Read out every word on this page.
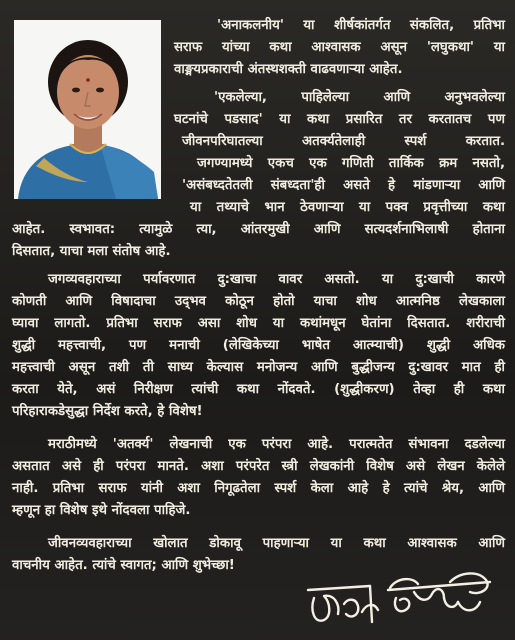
'अनाकलनीय' या शीर्षकांतर्गत संकलित, प्रतिभा
सराफ यांच्या कथा आश्वासक असून 'लघुकथा' या
वाङ्मयप्रकाराची अंतस्थशक्ती वाढवणाऱ्या आहेत.

'एकलेल्या, पाहिलेल्या आणि अनुभवलेल्या
घटनांचे पडसाद' या कथा प्रसारित तर करतातच पण
जीवनपरिघातल्या अतर्क्यतेलाही स्पर्श करतात.
जगण्यामध्ये एकच एक गणिती तार्किक क्रम नसतो,
'असंबध्दतेतली संबध्दता'ही असते हे मांडणाऱ्या आणि
या तथ्याचे भान ठेवणाऱ्या या पक्व प्रवृत्तीच्या कथा
आहेत. स्वभावत: त्यामुळे त्या, आंतरमुखी आणि सत्यदर्शनाभिलाषी होताना
दिसतात, याचा मला संतोष आहे.

जगव्यवहाराच्या पर्यावरणात दु:खाचा वावर असतो. या दु:खाची कारणे
कोणती आणि विषादाचा उद्‌भव कोठून होतो याचा शोध आत्मनिष्ठ लेखकाला
घ्यावा लागतो. प्रतिभा सराफ असा शोध या कथांमधून घेतांना दिसतात. शरीराची
शुद्धी महत्त्वाची, पण मनाची (लेखिकेच्या भाषेत आत्म्याची) शुद्धी अधिक
महत्त्वाची असून तशी ती साध्य केल्यास मनोजन्य आणि बुद्धीजन्य दु:खावर मात ही
करता येते, असं निरीक्षण त्यांची कथा नोंदवते. (शुद्धीकरण) तेव्हा ही कथा
परिहाराकडेसुद्धा निर्देश करते, हे विशेष!

मराठीमध्ये 'अतर्क्य' लेखनाची एक परंपरा आहे. परात्मतेत संभावना दडलेल्या
असतात असे ही परंपरा मानते. अशा परंपरेत स्त्री लेखकांनी विशेष असे लेखन केलेले
नाही. प्रतिभा सराफ यांनी अशा निगूढतेला स्पर्श केला आहे हे त्यांचे श्रेय, आणि
म्हणून हा विशेष इथे नोंदवला पाहिजे.

जीवनव्यवहाराच्या खोलात डोकावू पाहणाऱ्या या कथा आश्वासक आणि
वाचनीय आहेत. त्यांचे स्वागत; आणि शुभेच्छा!
